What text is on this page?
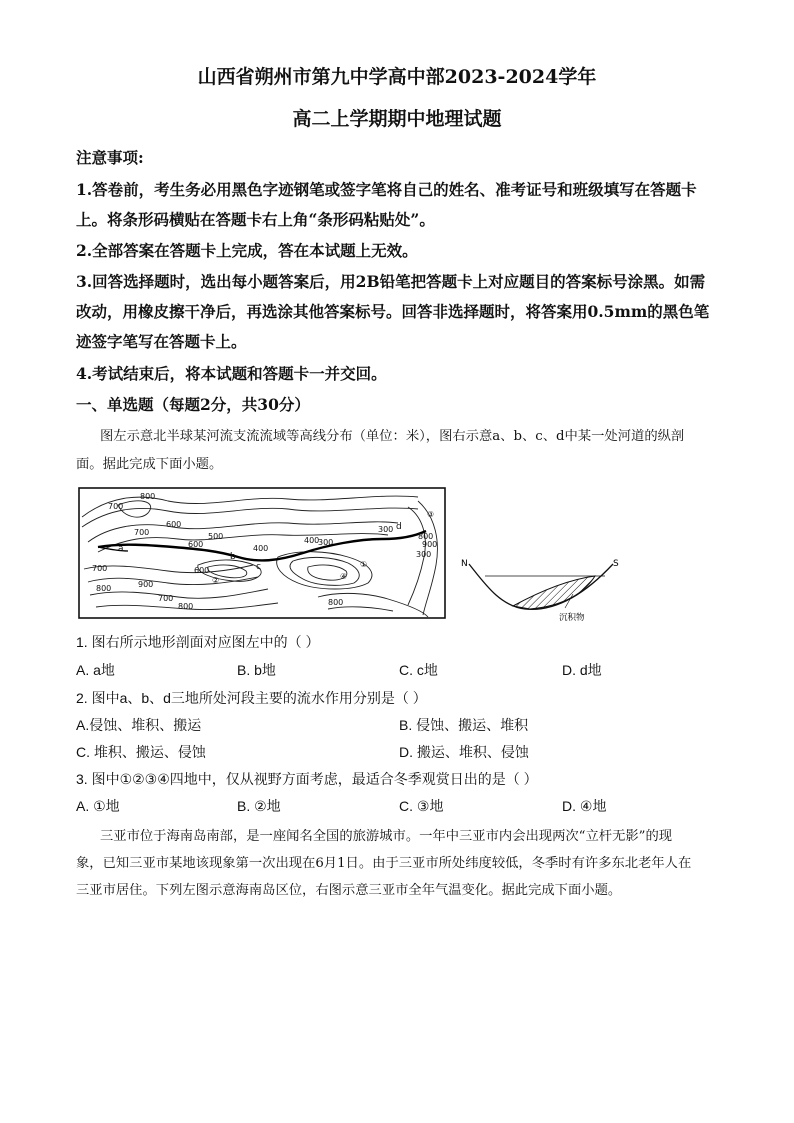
山西省朔州市第九中学高中部2023-2024学年
高二上学期期中地理试题
注意事项:
1.答卷前，考生务必用黑色字迹钢笔或签字笔将自己的姓名、准考证号和班级填写在答题卡
上。将条形码横贴在答题卡右上角“条形码粘贴处”。
2.全部答案在答题卡上完成，答在本试题上无效。
3.回答选择题时，选出每小题答案后，用2B铅笔把答题卡上对应题目的答案标号涂黑。如需
改动，用橡皮擦干净后，再选涂其他答案标号。回答非选择题时，将答案用0.5mm的黑色笔
迹签字笔写在答题卡上。
4.考试结束后，将本试题和答题卡一并交回。
一、单选题（每题2分，共30分）
图左示意北半球某河流支流流域等高线分布（单位：米），图右示意a、b、c、d中某一处河道的纵剖
面。据此完成下面小题。
700
800
600
700	500
600	400
300
a
b
400
300 d
③
700
②
①
600	c
800	900
700
800	800
300
④
800
900
N	S
沉积物
1. 图右所示地形剖面对应图左中的（ ）
A. a地	B. b地	C. c地	D. d地
2. 图中a、b、d三地所处河段主要的流水作用分别是（ ）
A.侵蚀、堆积、搬运	B. 侵蚀、搬运、堆积
C. 堆积、搬运、侵蚀	D. 搬运、堆积、侵蚀
3. 图中①②③④四地中，仅从视野方面考虑，最适合冬季观赏日出的是（ ）
A. ①地	B. ②地	C. ③地	D. ④地
三亚市位于海南岛南部，是一座闻名全国的旅游城市。一年中三亚市内会出现两次“立杆无影”的现
象，已知三亚市某地该现象第一次出现在6月1日。由于三亚市所处纬度较低，冬季时有许多东北老年人在
三亚市居住。下列左图示意海南岛区位，右图示意三亚市全年气温变化。据此完成下面小题。
